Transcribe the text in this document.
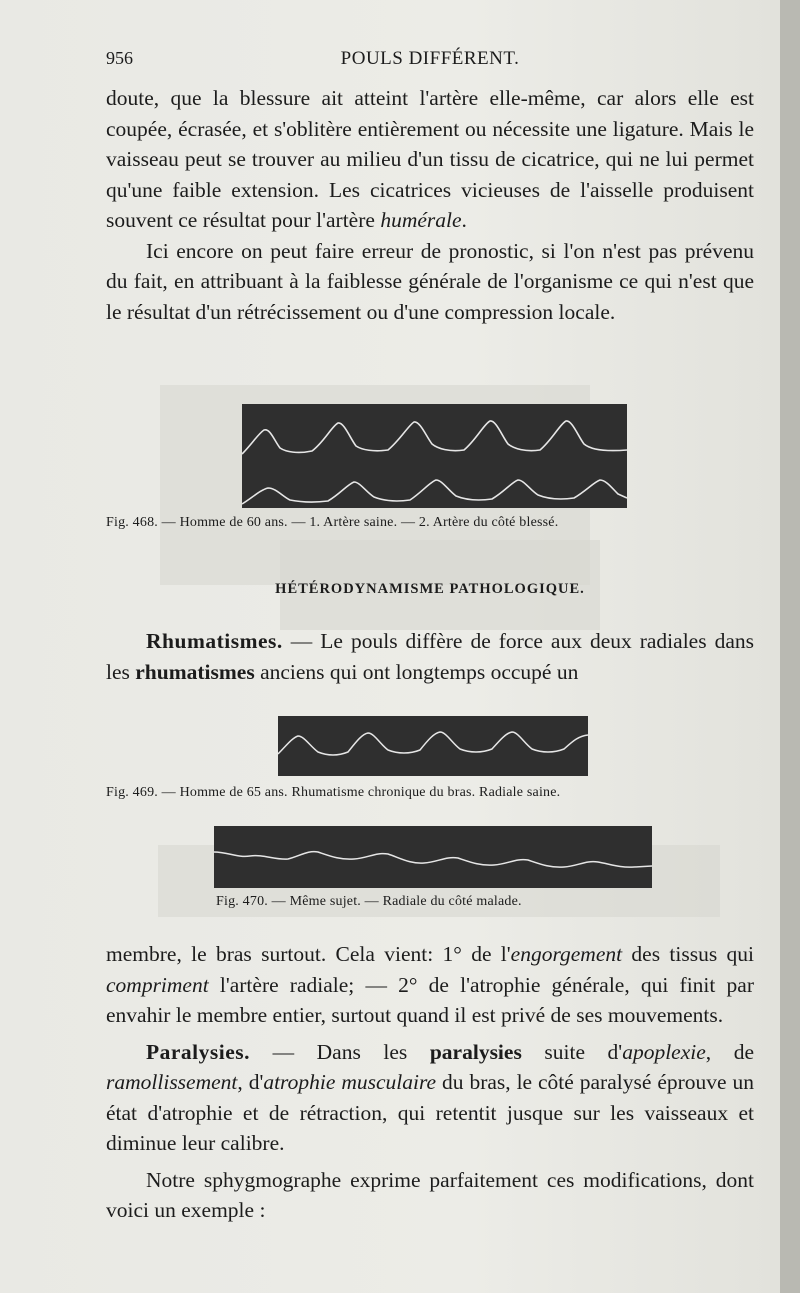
956	POULS DIFFÉRENT.

doute, que la blessure ait atteint l'artère elle-même, car alors elle est coupée, écrasée, et s'oblitère entièrement ou nécessite une ligature. Mais le vaisseau peut se trouver au milieu d'un tissu de cicatrice, qui ne lui permet qu'une faible extension. Les cicatrices vicieuses de l'aisselle produisent souvent ce résultat pour l'artère humérale.

Ici encore on peut faire erreur de pronostic, si l'on n'est pas prévenu du fait, en attribuant à la faiblesse générale de l'organisme ce qui n'est que le résultat d'un rétrécissement ou d'une compression locale.

Fig. 468. — Homme de 60 ans. — 1. Artère saine. — 2. Artère du côté blessé.
HÉTÉRODYNAMISME PATHOLOGIQUE.

Rhumatismes. — Le pouls diffère de force aux deux radiales dans les rhumatismes anciens qui ont longtemps occupé un

Fig. 469. — Homme de 65 ans. Rhumatisme chronique du bras. Radiale saine.
Fig. 470. — Même sujet. — Radiale du côté malade.

membre, le bras surtout. Cela vient: 1° de l'engorgement des tissus qui compriment l'artère radiale; — 2° de l'atrophie générale, qui finit par envahir le membre entier, surtout quand il est privé de ses mouvements.

Paralysies. — Dans les paralysies suite d'apoplexie, de ramollissement, d'atrophie musculaire du bras, le côté paralysé éprouve un état d'atrophie et de rétraction, qui retentit jusque sur les vaisseaux et diminue leur calibre.

Notre sphygmographe exprime parfaitement ces modifications, dont voici un exemple :
